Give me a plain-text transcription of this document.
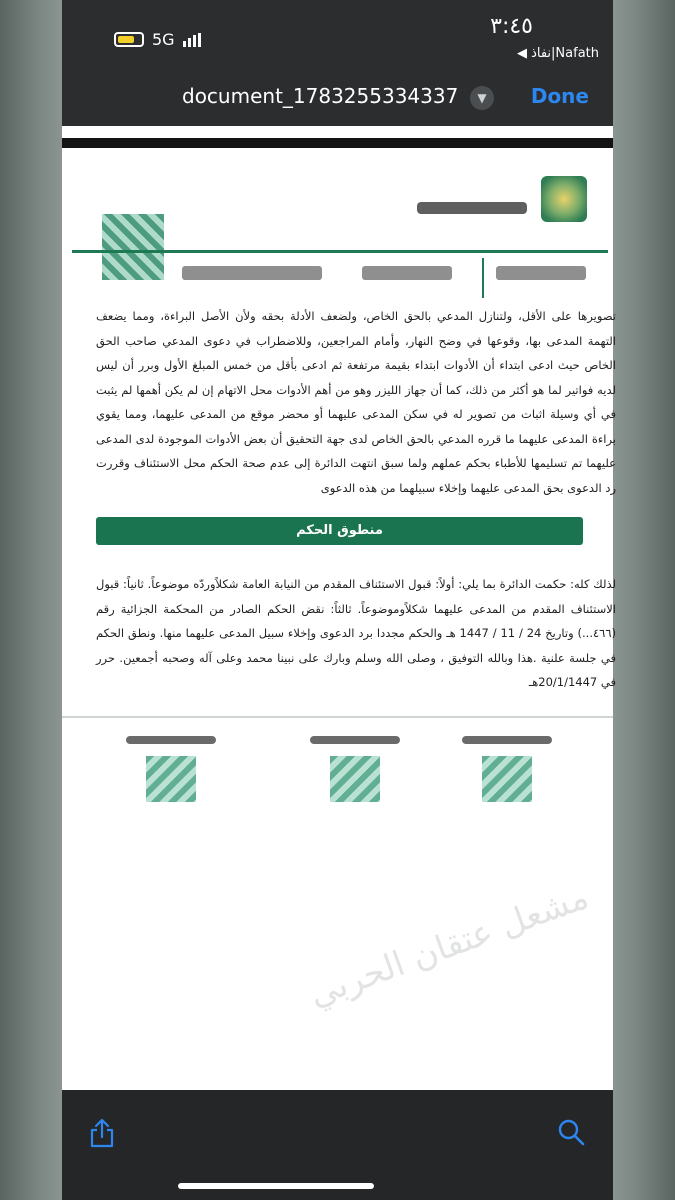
5G
٣:٤٥
◀ نفاذ|Nafath
document_1783255334337	▼	Done
تصويرها على الأقل، ولتنازل المدعي بالحق الخاص، ولضعف الأدلة بحقه ولأن الأصل البراءة، ومما يضعف التهمة المدعى بها، وقوعها في وضح النهار، وأمام المراجعين، وللاضطراب في دعوى المدعي صاحب الحق الخاص حيث ادعى ابتداء أن الأدوات ابتداء بقيمة مرتفعة ثم ادعى بأقل من خمس المبلغ الأول وبرر أن ليس لديه فواتير لما هو أكثر من ذلك، كما أن جهاز الليزر وهو من أهم الأدوات محل الاتهام إن لم يكن أهمها لم يثبت في أي وسيلة اثبات من تصوير له في سكن المدعى عليهما أو محضر موقع من المدعى عليهما، ومما يقوي براءة المدعى عليهما ما قرره المدعي بالحق الخاص لدى جهة التحقيق أن بعض الأدوات الموجودة لدى المدعى عليهما تم تسليمها للأطباء بحكم عملهم ولما سبق انتهت الدائرة إلى عدم صحة الحكم محل الاستئناف وقررت رد الدعوى بحق المدعى عليهما وإخلاء سبيلهما من هذه الدعوى
منطوق الحكم
لذلك كله: حكمت الدائرة بما يلي: أولاً: قبول الاستئناف المقدم من النيابة العامة شكلاًوردّه موضوعاً. ثانياً: قبول الاستئناف المقدم من المدعى عليهما شكلاًوموضوعاً. ثالثاً: نقض الحكم الصادر من المحكمة الجزائية رقم (٤٦٦...) وتاريخ 24 / 11 / 1447 هـ والحكم مجددا برد الدعوى وإخلاء سبيل المدعى عليهما منها. ونطق الحكم في جلسة علنية .هذا وبالله التوفيق ، وصلى الله وسلم وبارك على نبينا محمد وعلى آله وصحبه أجمعين. حرر في 20/1/1447هـ
مشعل عتقان الحربي
